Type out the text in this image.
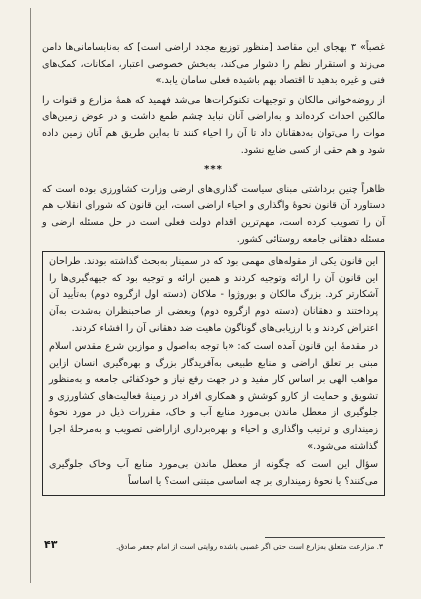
غصباً» ۳ بهجای این مقاصد [منظور توزیع مجدد اراضی است] که به‌نابسامانی‌ها دامن می‌زند و استقرار نظم را دشوار می‌کند، به‌بخش خصوصی اعتبار، امکانات، کمک‌های فنی و غیره بدهید تا اقتصاد بهم باشیده فعلی سامان یابد.»

از روضه‌خوانی مالکان و توجیهات تکنوکرات‌ها می‌شد فهمید که همهٔ مزارع و قنوات را مالکین احداث کرده‌اند و به‌اراضی آنان نباید چشم طمع داشت و در عوض زمین‌های موات را می‌توان به‌دهقانان داد تا آن را احیاء کنند تا به‌این طریق هم آنان زمین داده شود و هم حقی از کسی ضایع نشود.

***

ظاهراً چنین برداشتی مبنای سیاست گذاری‌های ارضی وزارت کشاورزی بوده است که دستاورد آن قانون نحوهٔ واگذاری و احیاء اراضی است، این قانون که شورای انقلاب هم آن را تصویب کرده است، مهم‌ترین اقدام دولت فعلی است در حل مسئله ارضی و مسئله دهقانی جامعه روستائی کشور.

این قانون یکی از مقوله‌های مهمی بود که در سمینار به‌بحث گذاشته بودند. طراحان این قانون آن را ارائه وتوجیه کردند و همین ارائه و توجیه بود که جیهه‌گیری‌ها را آشکارتر کرد. بزرگ مالکان و بوروژوا - ملاکان (دسته اول ازگروه دوم) به‌تأیید آن پرداختند و دهقانان (دسته دوم ازگروه دوم) وبعضی از صاحبنظران به‌شدت به‌آن اعتراض کردند و با ارزیابی‌های گوناگون ماهیت ضد دهقانی آن را افشاء کردند.

در مقدمهٔ این قانون آمده است که: «با توجه به‌اصول و موازین شرع مقدس اسلام مبنی بر تعلق اراضی و منابع طبیعی به‌آفریدگار بزرگ و بهره‌گیری انسان ازاین مواهب الهی بر اساس کار مفید و در جهت رفع نیاز و خودکفائی جامعه و به‌منظور تشویق و حمایت از کارو کوشش و همکاری افراد در زمینهٔ فعالیت‌های کشاورزی و جلوگیری از معطل ماندن بی‌مورد منابع آب و خاک، مقررات ذیل در مورد نحوهٔ زمینداری و ترتیب واگذاری و احیاء و بهره‌برداری ازاراضی تصویب و به‌مرحلهٔ اجرا گذاشته می‌شود.»

سؤال این است که چگونه از معطل ماندن بی‌مورد منابع آب وخاک جلوگیری می‌کنند؟ یا نحوهٔ زمینداری بر چه اساسی مبتنی است؟ یا اساساً

۳. مزارعت متعلق به‌زارع است حتی اگر غصبی باشده روایتی است از امام جعفر صادق.
۴۳
